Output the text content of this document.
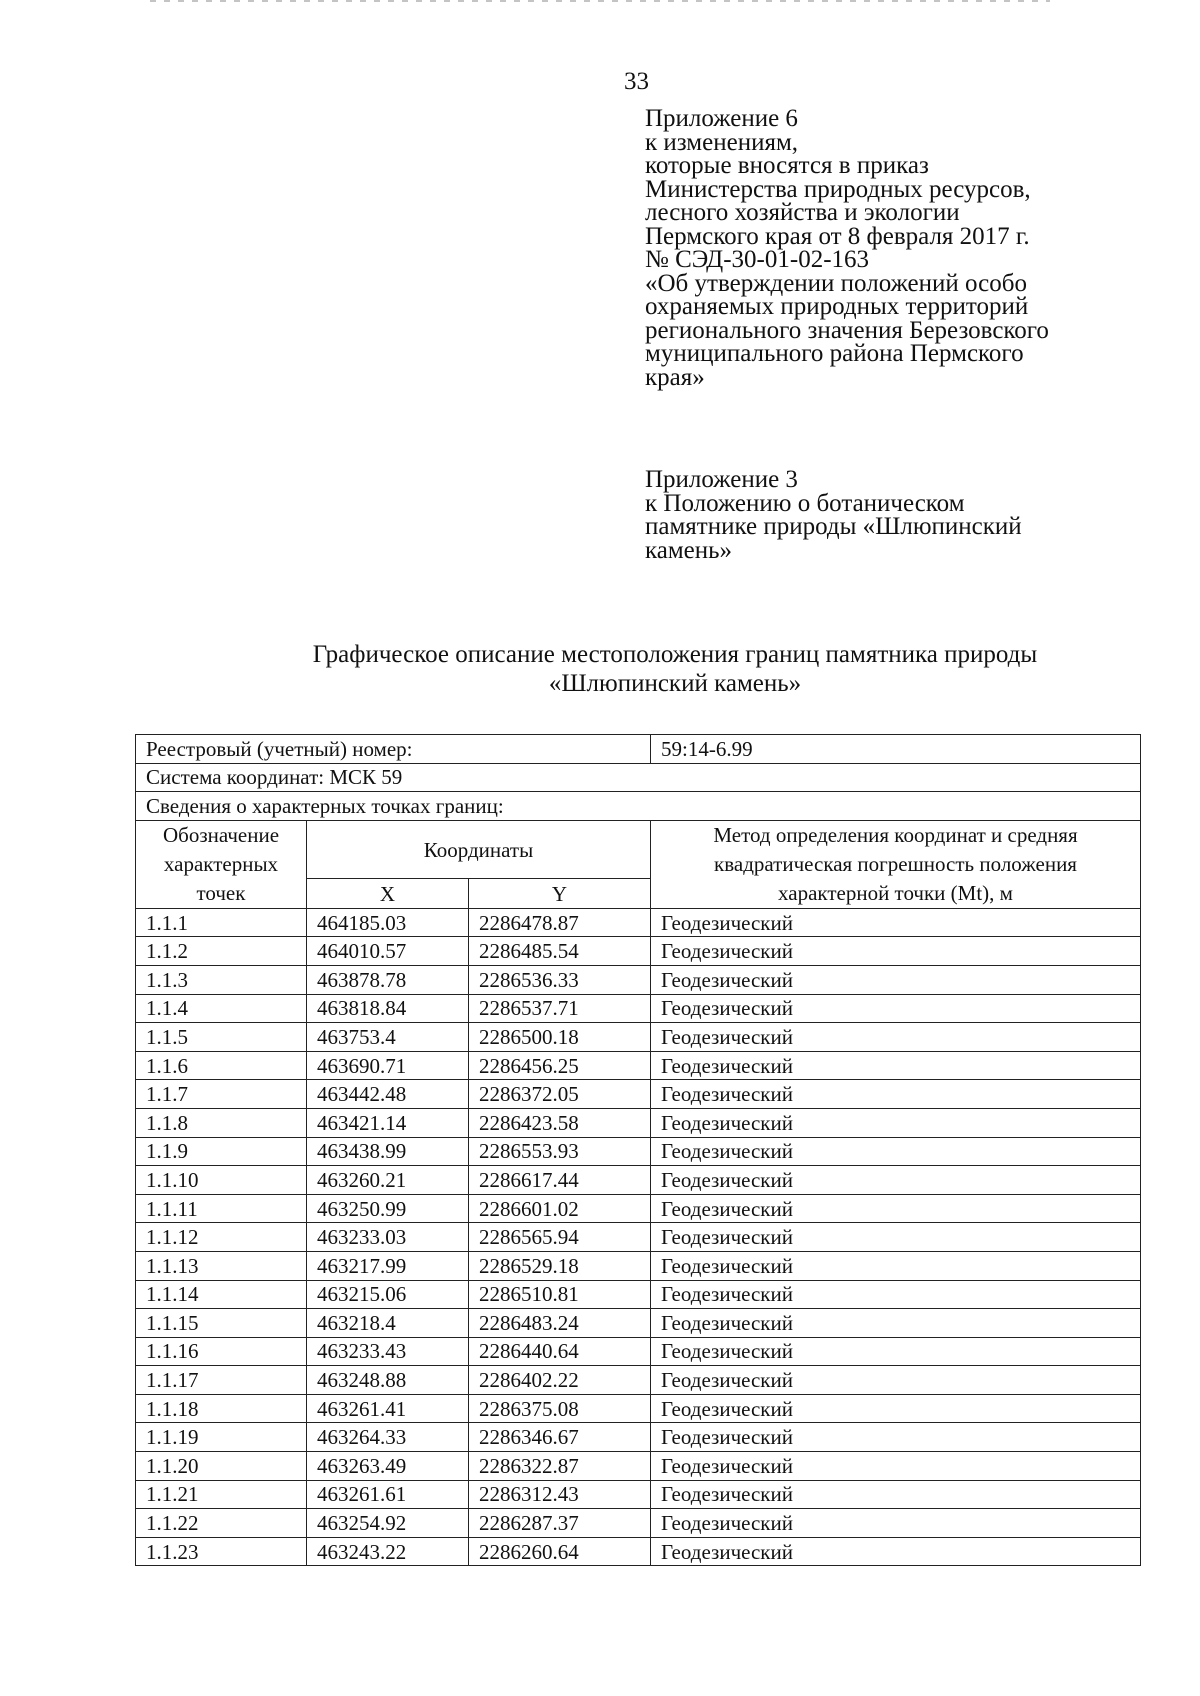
33
Приложение 6
к изменениям,
которые вносятся в приказ
Министерства природных ресурсов,
лесного хозяйства и экологии
Пермского края от 8 февраля 2017 г.
№ СЭД-30-01-02-163
«Об утверждении положений особо
охраняемых природных территорий
регионального значения Березовского
муниципального района Пермского
края»
Приложение 3
к Положению о ботаническом
памятнике природы «Шлюпинский
камень»
Графическое описание местоположения границ памятника природы
«Шлюпинский камень»
Реестровый (учетный) номер:			59:14-6.99
Система координат: МСК 59			
Сведения о характерных точках границ:			
Обозначение характерных точек	Координаты		Метод определения координат и средняя квадратическая погрешность положения характерной точки (Mt), м
	X	Y	
1.1.1	464185.03	2286478.87	Геодезический
1.1.2	464010.57	2286485.54	Геодезический
1.1.3	463878.78	2286536.33	Геодезический
1.1.4	463818.84	2286537.71	Геодезический
1.1.5	463753.4	2286500.18	Геодезический
1.1.6	463690.71	2286456.25	Геодезический
1.1.7	463442.48	2286372.05	Геодезический
1.1.8	463421.14	2286423.58	Геодезический
1.1.9	463438.99	2286553.93	Геодезический
1.1.10	463260.21	2286617.44	Геодезический
1.1.11	463250.99	2286601.02	Геодезический
1.1.12	463233.03	2286565.94	Геодезический
1.1.13	463217.99	2286529.18	Геодезический
1.1.14	463215.06	2286510.81	Геодезический
1.1.15	463218.4	2286483.24	Геодезический
1.1.16	463233.43	2286440.64	Геодезический
1.1.17	463248.88	2286402.22	Геодезический
1.1.18	463261.41	2286375.08	Геодезический
1.1.19	463264.33	2286346.67	Геодезический
1.1.20	463263.49	2286322.87	Геодезический
1.1.21	463261.61	2286312.43	Геодезический
1.1.22	463254.92	2286287.37	Геодезический
1.1.23	463243.22	2286260.64	Геодезический
